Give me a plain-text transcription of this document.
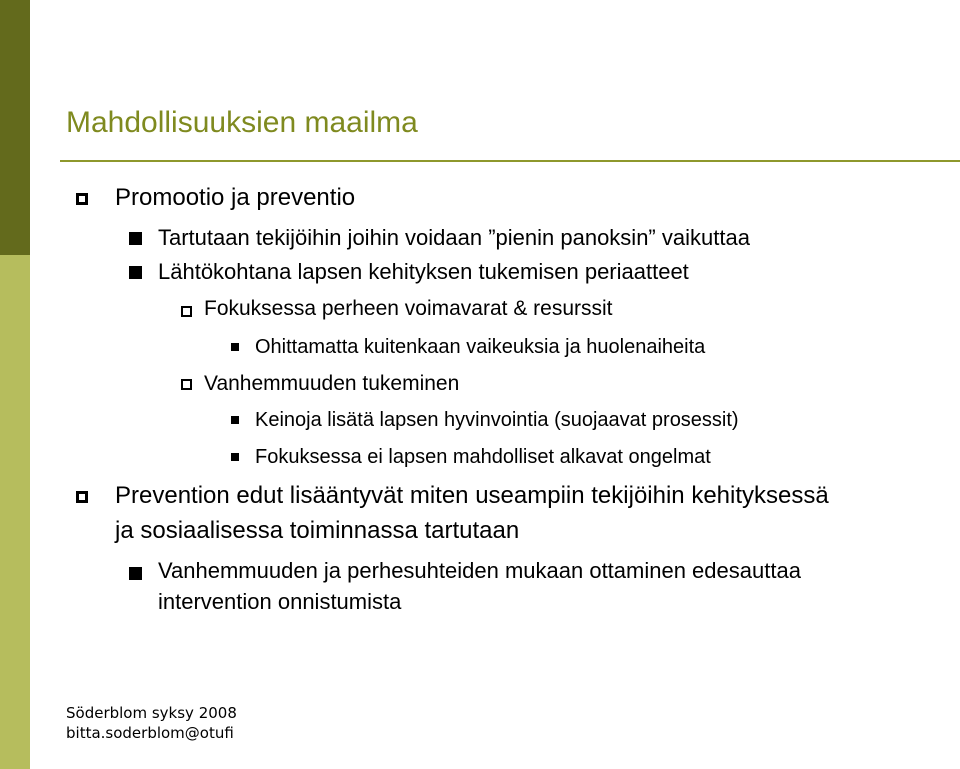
Mahdollisuuksien maailma
Promootio ja preventio
Tartutaan tekijöihin joihin voidaan ”pienin panoksin” vaikuttaa
Lähtökohtana lapsen kehityksen tukemisen periaatteet
Fokuksessa perheen voimavarat & resurssit
Ohittamatta kuitenkaan vaikeuksia ja huolenaiheita
Vanhemmuuden tukeminen
Keinoja lisätä lapsen hyvinvointia (suojaavat prosessit)
Fokuksessa ei lapsen mahdolliset alkavat ongelmat
Prevention edut lisääntyvät miten useampiin tekijöihin kehityksessä
ja sosiaalisessa toiminnassa tartutaan
Vanhemmuuden ja perhesuhteiden mukaan ottaminen edesauttaa
intervention onnistumista
Söderblom syksy 2008
bitta.soderblom@otufi
